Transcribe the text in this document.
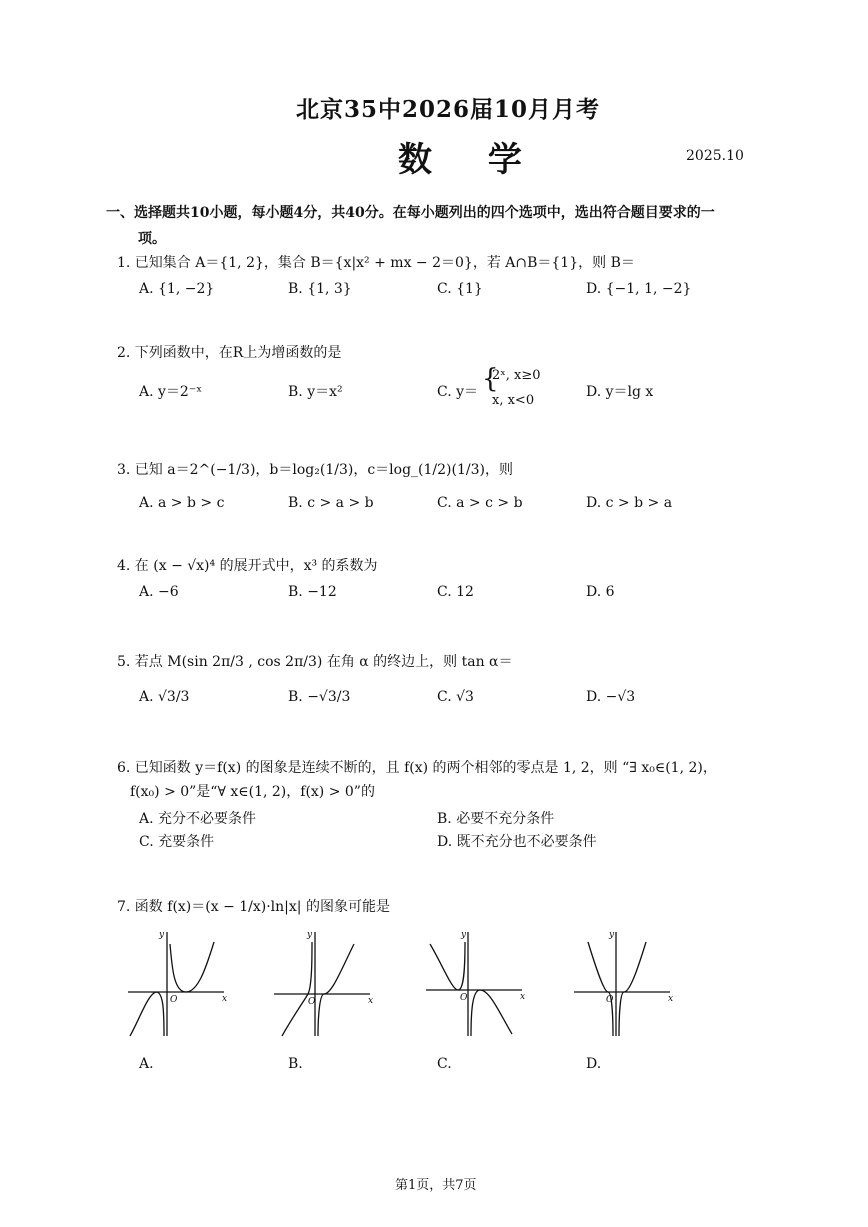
北京35中2026届10月月考
数 学	2025.10
一、选择题共10小题，每小题4分，共40分。在每小题列出的四个选项中，选出符合题目要求的一
项。
1. 已知集合 A＝{1, 2}，集合 B＝{x|x² + mx − 2＝0}，若 A∩B＝{1}，则 B＝
A. {1, −2}	B. {1, 3}	C. {1}	D. {−1, 1, −2}
2. 下列函数中，在R上为增函数的是
A. y＝2⁻ˣ	B. y＝x²	C. y＝ {
2ˣ, x≥0
x, x<0
D. y＝lg x
3. 已知 a＝2^(−1/3)，b＝log₂(1/3)，c＝log_(1/2)(1/3)，则
A. a > b > c	B. c > a > b	C. a > c > b	D. c > b > a
4. 在 (x − √x)⁴ 的展开式中，x³ 的系数为
A. −6	B. −12	C. 12	D. 6
5. 若点 M(sin 2π/3 , cos 2π/3) 在角 α 的终边上，则 tan α＝
A. √3/3	B. −√3/3	C. √3	D. −√3
6. 已知函数 y＝f(x) 的图象是连续不断的，且 f(x) 的两个相邻的零点是 1, 2，则 “∃ x₀∈(1, 2)，
f(x₀) > 0”是“∀ x∈(1, 2)，f(x) > 0”的
A. 充分不必要条件	B. 必要不充分条件
C. 充要条件	D. 既不充分也不必要条件
7. 函数 f(x)＝(x − 1/x)·ln|x| 的图象可能是
x
y
O	x
y
O	x
y
O	x
y
O
A.	B.	C.	D.
第1页，共7页
